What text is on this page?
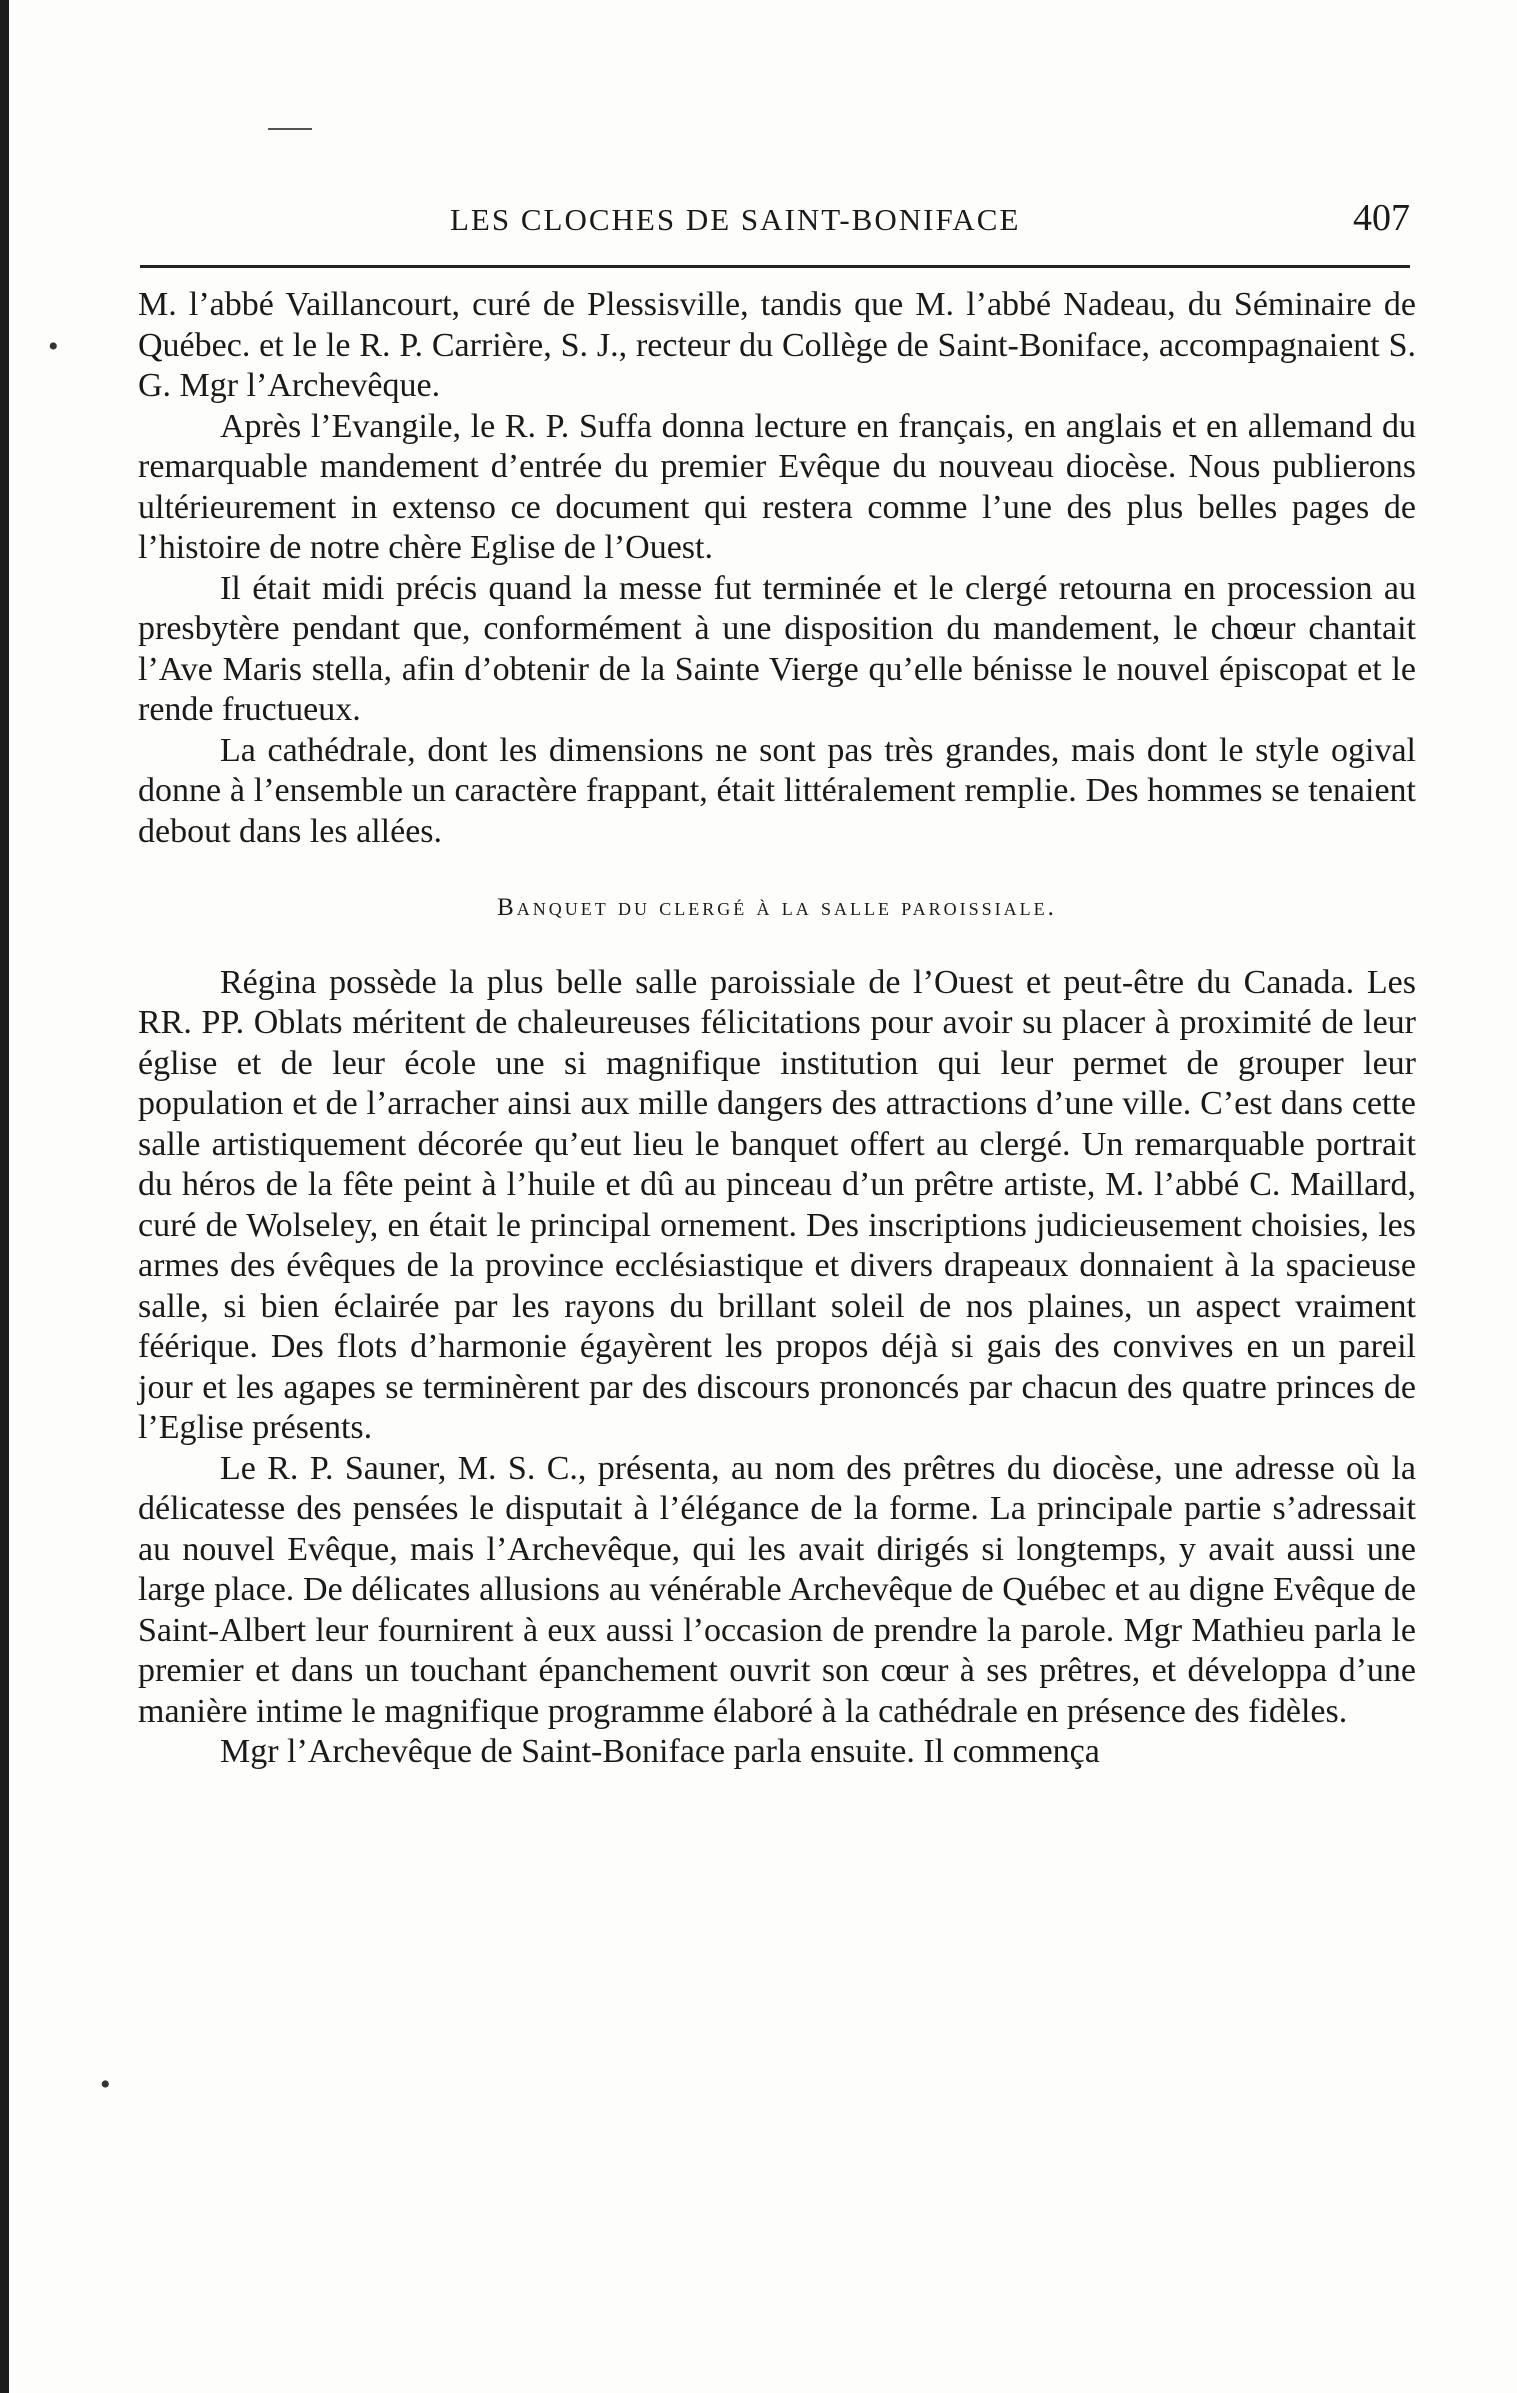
LES CLOCHES DE SAINT-BONIFACE	407

M. l’abbé Vaillancourt, curé de Plessisville, tandis que M. l’abbé Nadeau, du Séminaire de Québec. et le le R. P. Carrière, S. J., recteur du Collège de Saint-Boniface, accompagnaient S. G. Mgr l’Archevêque.

Après l’Evangile, le R. P. Suffa donna lecture en français, en anglais et en allemand du remarquable mandement d’entrée du premier Evêque du nouveau diocèse. Nous publierons ultérieurement in extenso ce document qui restera comme l’une des plus belles pages de l’histoire de notre chère Eglise de l’Ouest.

Il était midi précis quand la messe fut terminée et le clergé retourna en procession au presbytère pendant que, conformément à une disposition du mandement, le chœur chantait l’Ave Maris stella, afin d’obtenir de la Sainte Vierge qu’elle bénisse le nouvel épiscopat et le rende fructueux.

La cathédrale, dont les dimensions ne sont pas très grandes, mais dont le style ogival donne à l’ensemble un caractère frappant, était littéralement remplie. Des hommes se tenaient debout dans les allées.

Banquet du clergé à la salle paroissiale.

Régina possède la plus belle salle paroissiale de l’Ouest et peut-être du Canada. Les RR. PP. Oblats méritent de chaleureuses félicitations pour avoir su placer à proximité de leur église et de leur école une si magnifique institution qui leur permet de grouper leur population et de l’arracher ainsi aux mille dangers des attractions d’une ville. C’est dans cette salle artistiquement décorée qu’eut lieu le banquet offert au clergé. Un remarquable portrait du héros de la fête peint à l’huile et dû au pinceau d’un prêtre artiste, M. l’abbé C. Maillard, curé de Wolseley, en était le principal ornement. Des inscriptions judicieusement choisies, les armes des évêques de la province ecclésiastique et divers drapeaux donnaient à la spacieuse salle, si bien éclairée par les rayons du brillant soleil de nos plaines, un aspect vraiment féérique. Des flots d’harmonie égayèrent les propos déjà si gais des convives en un pareil jour et les agapes se terminèrent par des discours prononcés par chacun des quatre princes de l’Eglise présents.

Le R. P. Sauner, M. S. C., présenta, au nom des prêtres du diocèse, une adresse où la délicatesse des pensées le disputait à l’élégance de la forme. La principale partie s’adressait au nouvel Evêque, mais l’Archevêque, qui les avait dirigés si longtemps, y avait aussi une large place. De délicates allusions au vénérable Archevêque de Québec et au digne Evêque de Saint-Albert leur fournirent à eux aussi l’occasion de prendre la parole. Mgr Mathieu parla le premier et dans un touchant épanchement ouvrit son cœur à ses prêtres, et développa d’une manière intime le magnifique programme élaboré à la cathédrale en présence des fidèles.

Mgr l’Archevêque de Saint-Boniface parla ensuite. Il commença

•
•
